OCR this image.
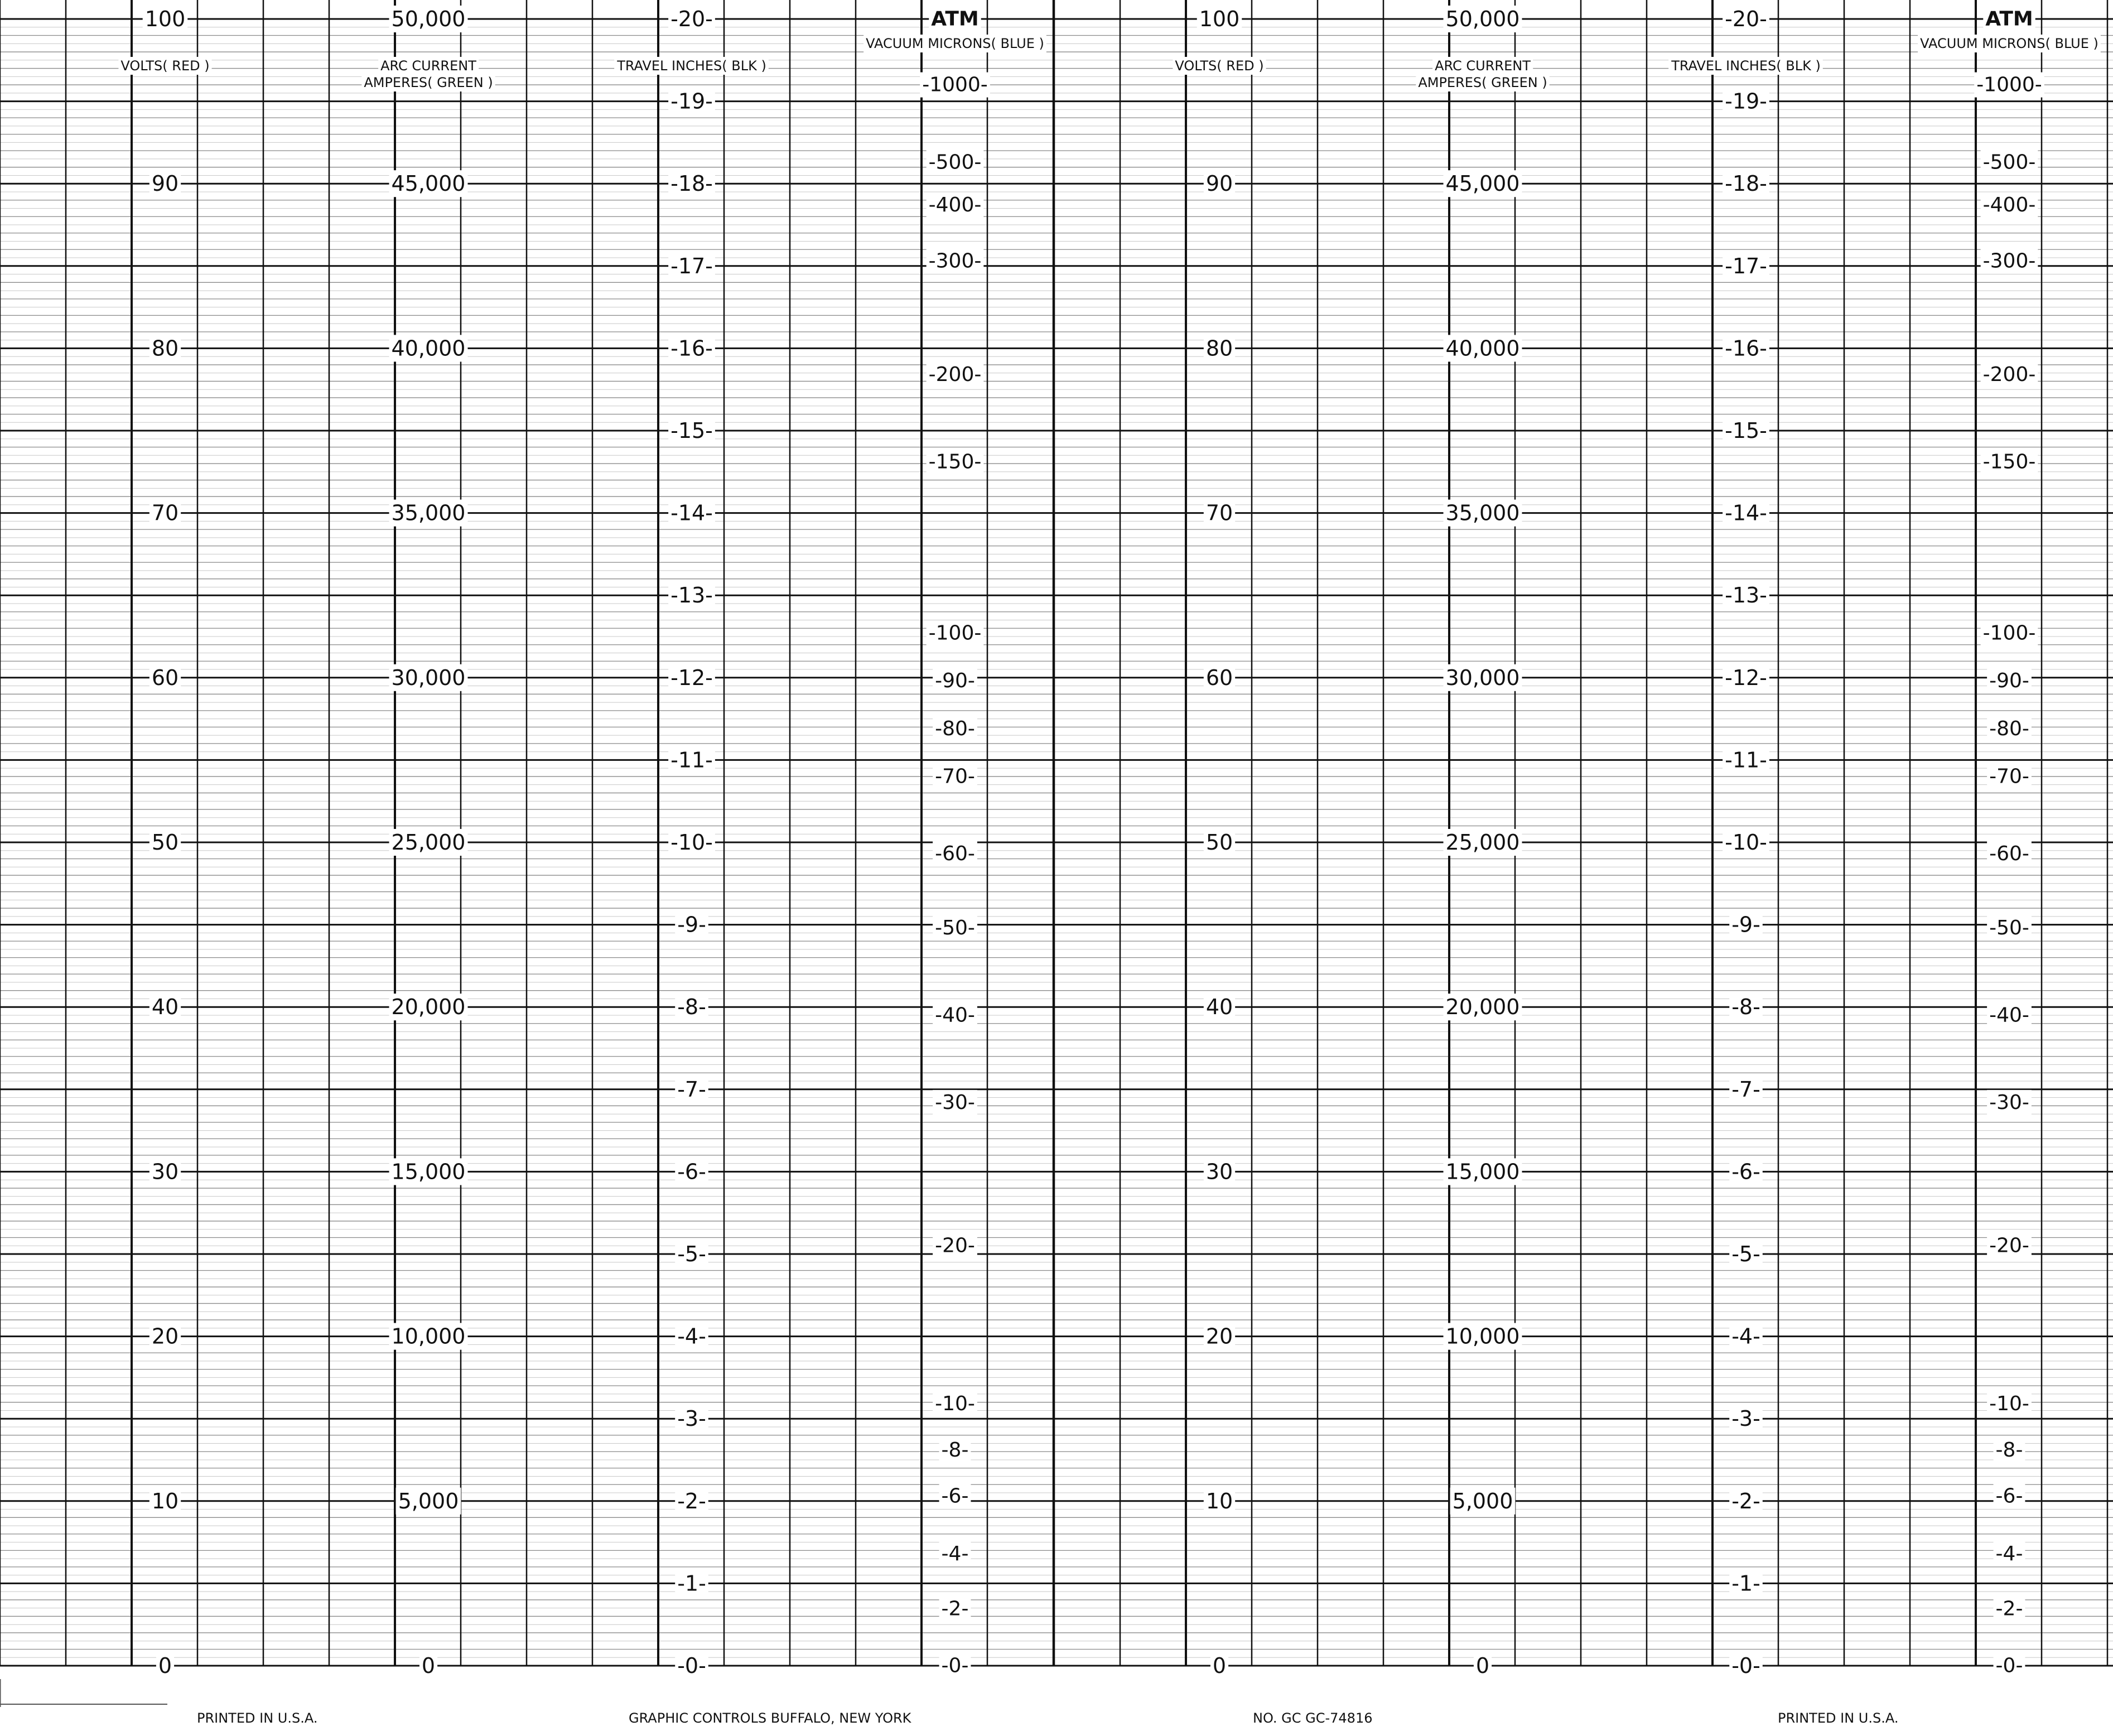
100
90
80
70
60
50
40
30
20
10
0
VOLTS( RED )
50,000
45,000
40,000
35,000
30,000
25,000
20,000
15,000
10,000
5,000
0
ARC CURRENT
AMPERES( GREEN )
-20-
-19-
-18-
-17-
-16-
-15-
-14-
-13-
-12-
-11-
-10-
-9-
-8-
-7-
-6-
-5-
-4-
-3-
-2-
-1-
-0-
TRAVEL INCHES( BLK )
-1000-
-500-
-400-
-300-
-200-
-150-
-100-
-90-
-80-
-70-
-60-
-50-
-40-
-30-
-20-
-10-
-8-
-6-
-4-
-2-
-0-
ATM
VACUUM MICRONS( BLUE )
100
90
80
70
60
50
40
30
20
10
0
VOLTS( RED )
50,000
45,000
40,000
35,000
30,000
25,000
20,000
15,000
10,000
5,000
0
ARC CURRENT
AMPERES( GREEN )
-20-
-19-
-18-
-17-
-16-
-15-
-14-
-13-
-12-
-11-
-10-
-9-
-8-
-7-
-6-
-5-
-4-
-3-
-2-
-1-
-0-
TRAVEL INCHES( BLK )
-1000-
-500-
-400-
-300-
-200-
-150-
-100-
-90-
-80-
-70-
-60-
-50-
-40-
-30-
-20-
-10-
-8-
-6-
-4-
-2-
-0-
ATM
VACUUM MICRONS( BLUE )
PRINTED IN U.S.A.	GRAPHIC CONTROLS BUFFALO, NEW YORK	NO. GC GC-74816	PRINTED IN U.S.A.
